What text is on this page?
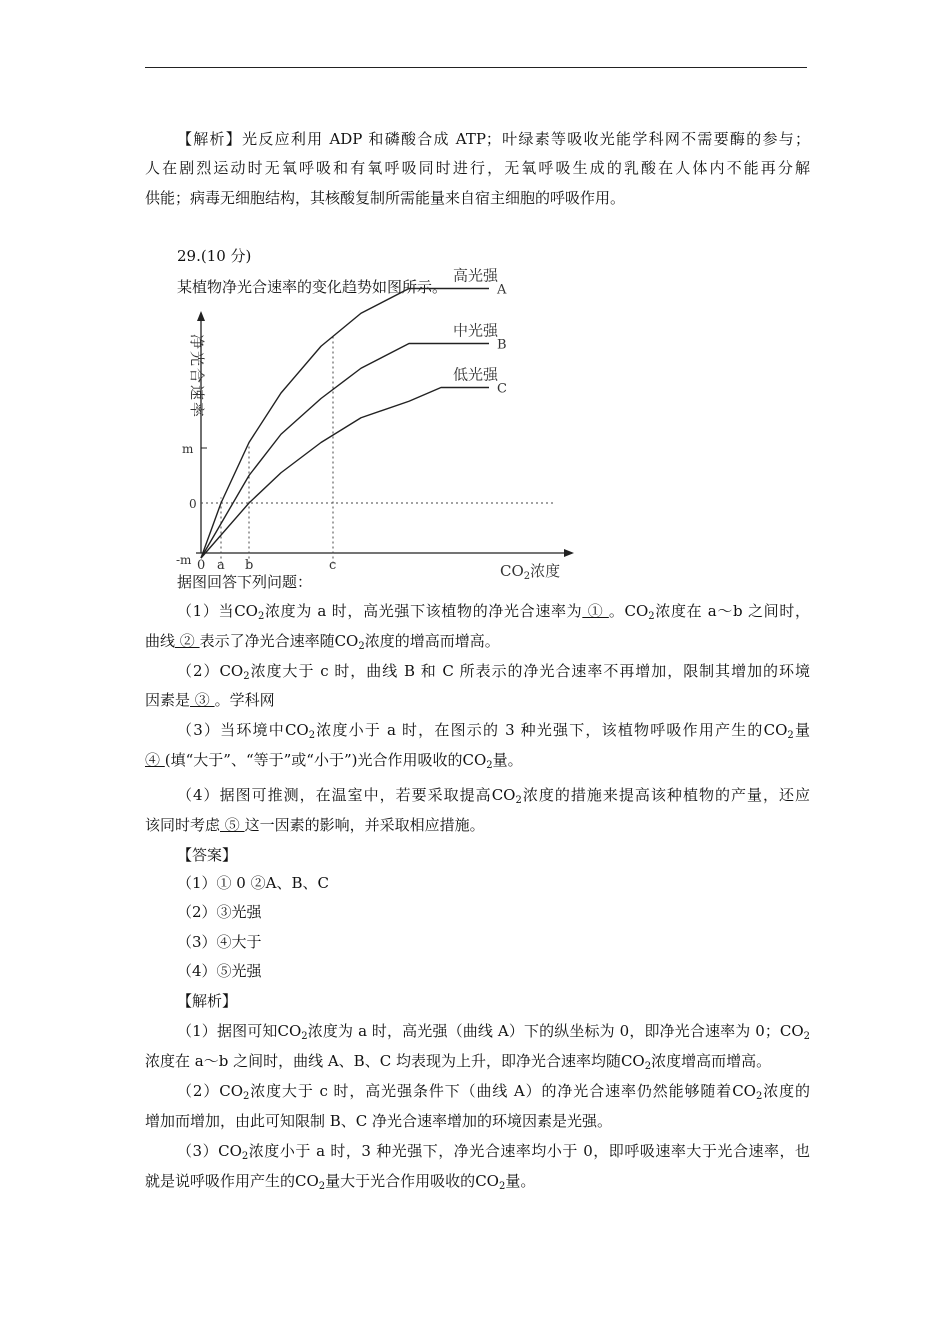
【解析】光反应利用 ADP 和磷酸合成 ATP；叶绿素等吸收光能学科网不需要酶的参与；
人在剧烈运动时无氧呼吸和有氧呼吸同时进行，无氧呼吸生成的乳酸在人体内不能再分解
供能；病毒无细胞结构，其核酸复制所需能量来自宿主细胞的呼吸作用。
29.(10 分)
某植物净光合速率的变化趋势如图所示。
高光强
A
中光强
B
低光强
C
m
0
-m 0 a b	c
净光合速率
$CO_2$浓度
据图回答下列问题：
（1）当$CO_2$浓度为 a 时，高光强下该植物的净光合速率为 ① 。$CO_2$浓度在 a～b 之间时，
曲线 ② 表示了净光合速率随$CO_2$浓度的增高而增高。
$(2)CO_2$浓度大于 c 时，曲线 B 和 C 所表示的净光合速率不再增加，限制其增加的环境
因素是 ③ 。学科网
（3）当环境中$CO_2$浓度小于 a 时，在图示的 3 种光强下，该植物呼吸作用产生的$CO_2$量
④ (填“大于”、“等于”或“小于”)光合作用吸收的$CO_2$量。
（4）据图可推测，在温室中，若要采取提高$CO_2$浓度的措施来提高该种植物的产量，还应
该同时考虑 ⑤ 这一因素的影响，并采取相应措施。
【答案】
（1）① 0 ②A、B、C
（2）③光强
（3）④大于
（4）⑤光强
【解析】
（1）据图可知$CO_2$浓度为 a 时，高光强（曲线 A）下的纵坐标为 0，即净光合速率为 0；$CO_2$
浓度在 a～b 之间时，曲线 A、B、C 均表现为上升，即净光合速率均随$CO_2$浓度增高而增高。
$(2)CO_2$浓度大于 c 时，高光强条件下（曲线 A）的净光合速率仍然能够随着$CO_2$浓度的
增加而增加，由此可知限制 B、C 净光合速率增加的环境因素是光强。
$(3)CO_2$浓度小于 a 时，3 种光强下，净光合速率均小于 0，即呼吸速率大于光合速率，也
就是说呼吸作用产生的$CO_2$量大于光合作用吸收的$CO_2$量。
